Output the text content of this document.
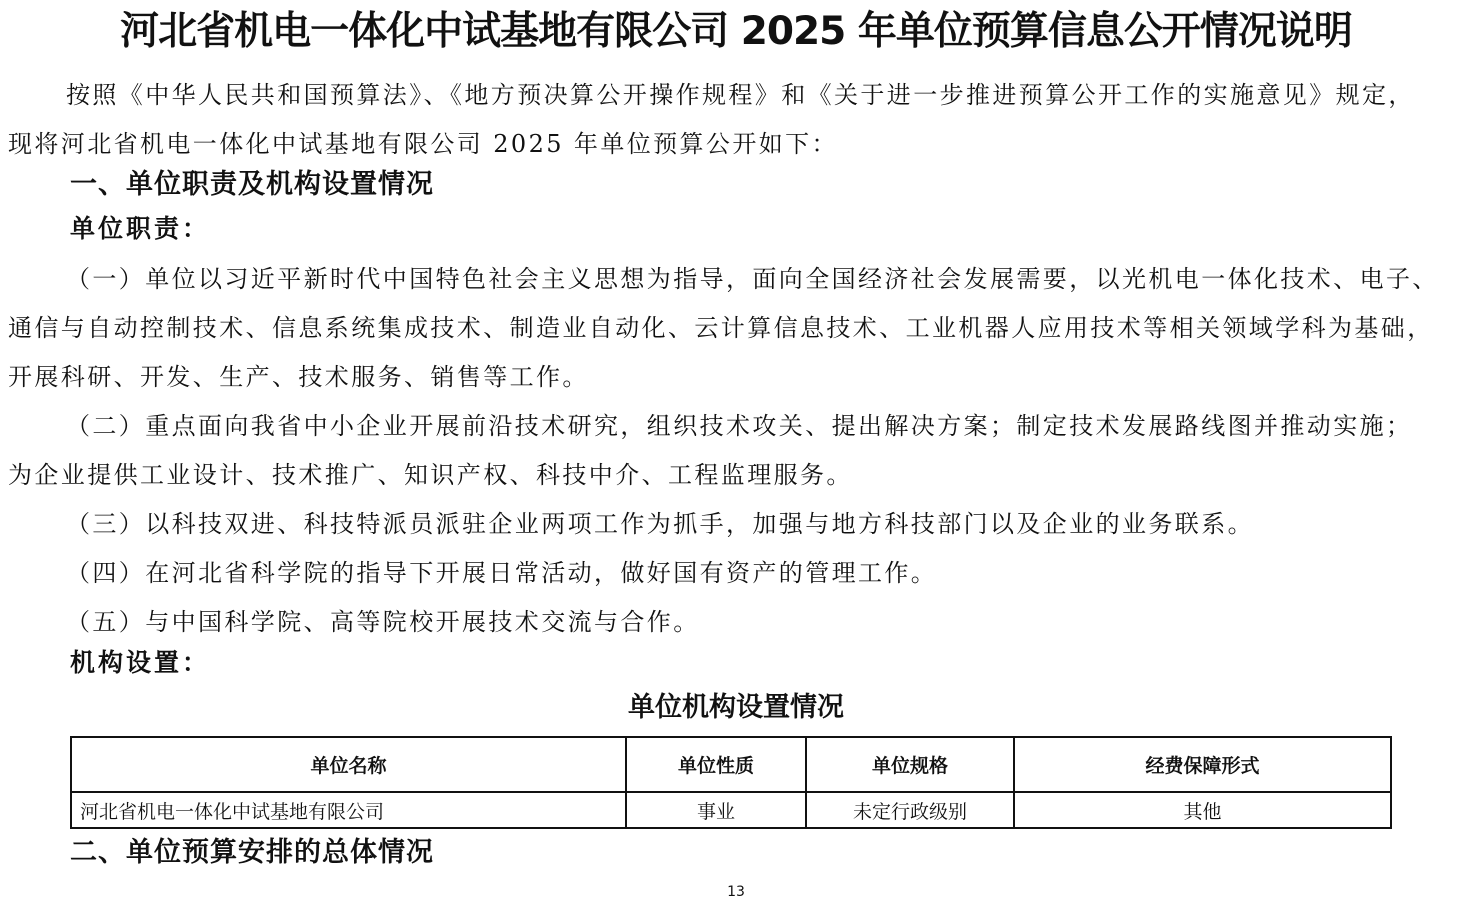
河北省机电一体化中试基地有限公司 2025 年单位预算信息公开情况说明
按照《中华人民共和国预算法》、《地方预决算公开操作规程》和《关于进一步推进预算公开工作的实施意见》规定，
现将河北省机电一体化中试基地有限公司 2025 年单位预算公开如下：
一、单位职责及机构设置情况
单位职责：
（一）单位以习近平新时代中国特色社会主义思想为指导，面向全国经济社会发展需要，以光机电一体化技术、电子、
通信与自动控制技术、信息系统集成技术、制造业自动化、云计算信息技术、工业机器人应用技术等相关领域学科为基础，
开展科研、开发、生产、技术服务、销售等工作。
（二）重点面向我省中小企业开展前沿技术研究，组织技术攻关、提出解决方案；制定技术发展路线图并推动实施；
为企业提供工业设计、技术推广、知识产权、科技中介、工程监理服务。
（三）以科技双进、科技特派员派驻企业两项工作为抓手，加强与地方科技部门以及企业的业务联系。
（四）在河北省科学院的指导下开展日常活动，做好国有资产的管理工作。
（五）与中国科学院、高等院校开展技术交流与合作。
机构设置：
单位机构设置情况
单位名称	单位性质	单位规格	经费保障形式
河北省机电一体化中试基地有限公司	事业	未定行政级别	其他
二、单位预算安排的总体情况
13
